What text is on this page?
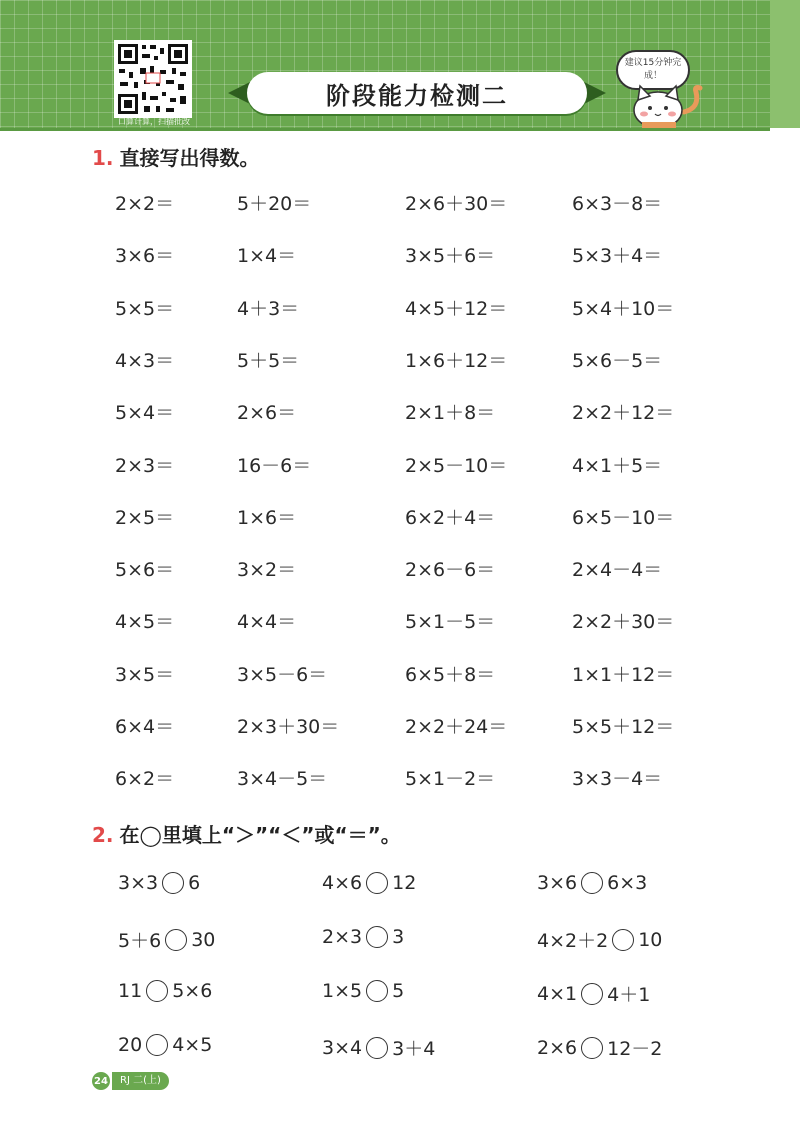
口算计算，扫描批改
阶段能力检测二
建议15分钟完成！
1. 直接写出得数。
2×2＝	5＋20＝	2×6＋30＝	6×3－8＝
3×6＝	1×4＝	3×5＋6＝	5×3＋4＝
5×5＝	4＋3＝	4×5＋12＝	5×4＋10＝
4×3＝	5＋5＝	1×6＋12＝	5×6－5＝
5×4＝	2×6＝	2×1＋8＝	2×2＋12＝
2×3＝	16－6＝	2×5－10＝	4×1＋5＝
2×5＝	1×6＝	6×2＋4＝	6×5－10＝
5×6＝	3×2＝	2×6－6＝	2×4－4＝
4×5＝	4×4＝	5×1－5＝	2×2＋30＝
3×5＝	3×5－6＝	6×5＋8＝	1×1＋12＝
6×4＝	2×3＋30＝	2×2＋24＝	5×5＋12＝
6×2＝	3×4－5＝	5×1－2＝	3×3－4＝
2. 在◯里填上“＞”“＜”或“＝”。
3×3 6	4×6 12	3×6 6×3
5＋6 30	2×3 3	4×2＋2 10
11 5×6	1×5 5	4×1 4＋1
20 4×5	3×4 3＋4	2×6 12－2
24	RJ 二(上)
